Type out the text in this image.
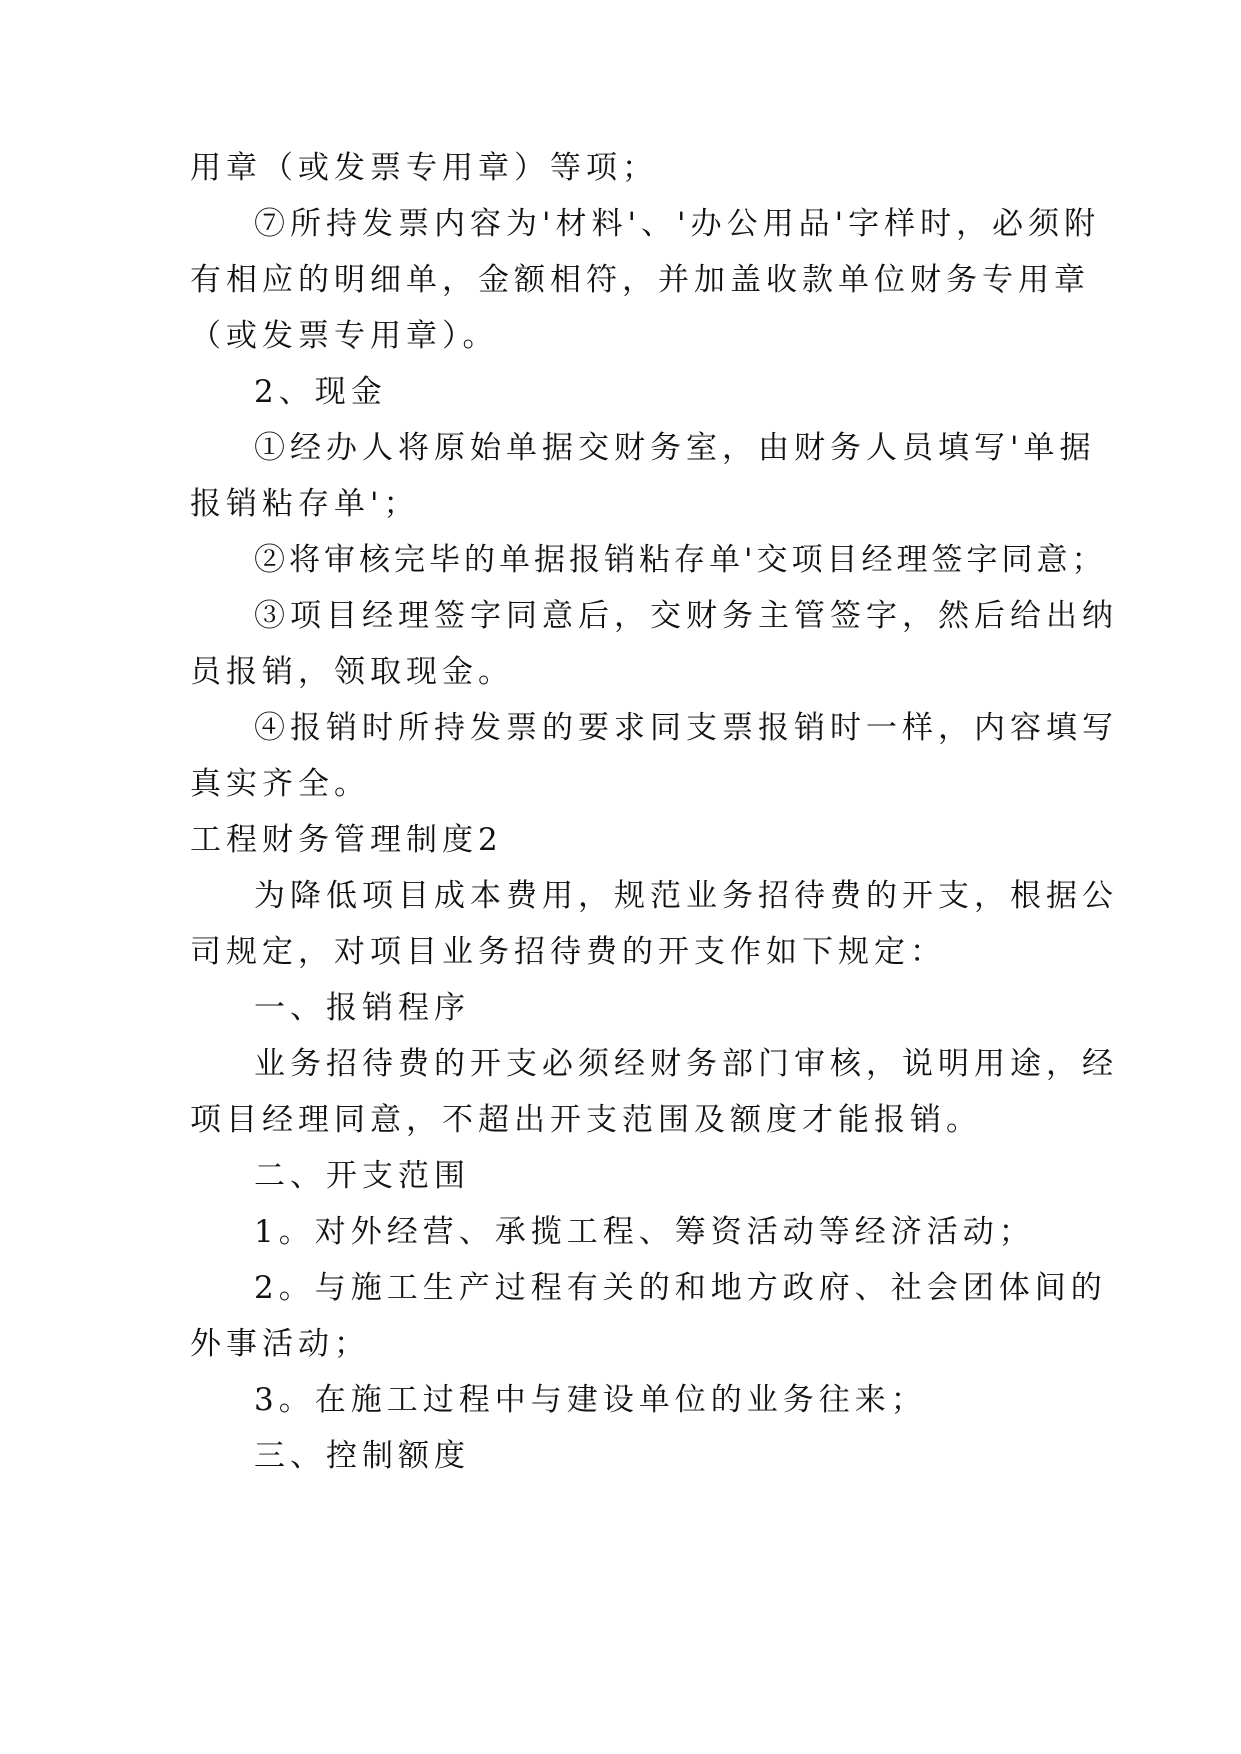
用章（或发票专用章）等项；
⑦所持发票内容为'材料'、'办公用品'字样时，必须附
有相应的明细单，金额相符，并加盖收款单位财务专用章
（或发票专用章）。
2、现金
①经办人将原始单据交财务室，由财务人员填写'单据
报销粘存单'；
②将审核完毕的单据报销粘存单'交项目经理签字同意；
③项目经理签字同意后，交财务主管签字，然后给出纳
员报销，领取现金。
④报销时所持发票的要求同支票报销时一样，内容填写
真实齐全。
工程财务管理制度2
为降低项目成本费用，规范业务招待费的开支，根据公
司规定，对项目业务招待费的开支作如下规定：
一、报销程序
业务招待费的开支必须经财务部门审核，说明用途，经
项目经理同意，不超出开支范围及额度才能报销。
二、开支范围
1。对外经营、承揽工程、筹资活动等经济活动；
2。与施工生产过程有关的和地方政府、社会团体间的
外事活动；
3。在施工过程中与建设单位的业务往来；
三、控制额度
